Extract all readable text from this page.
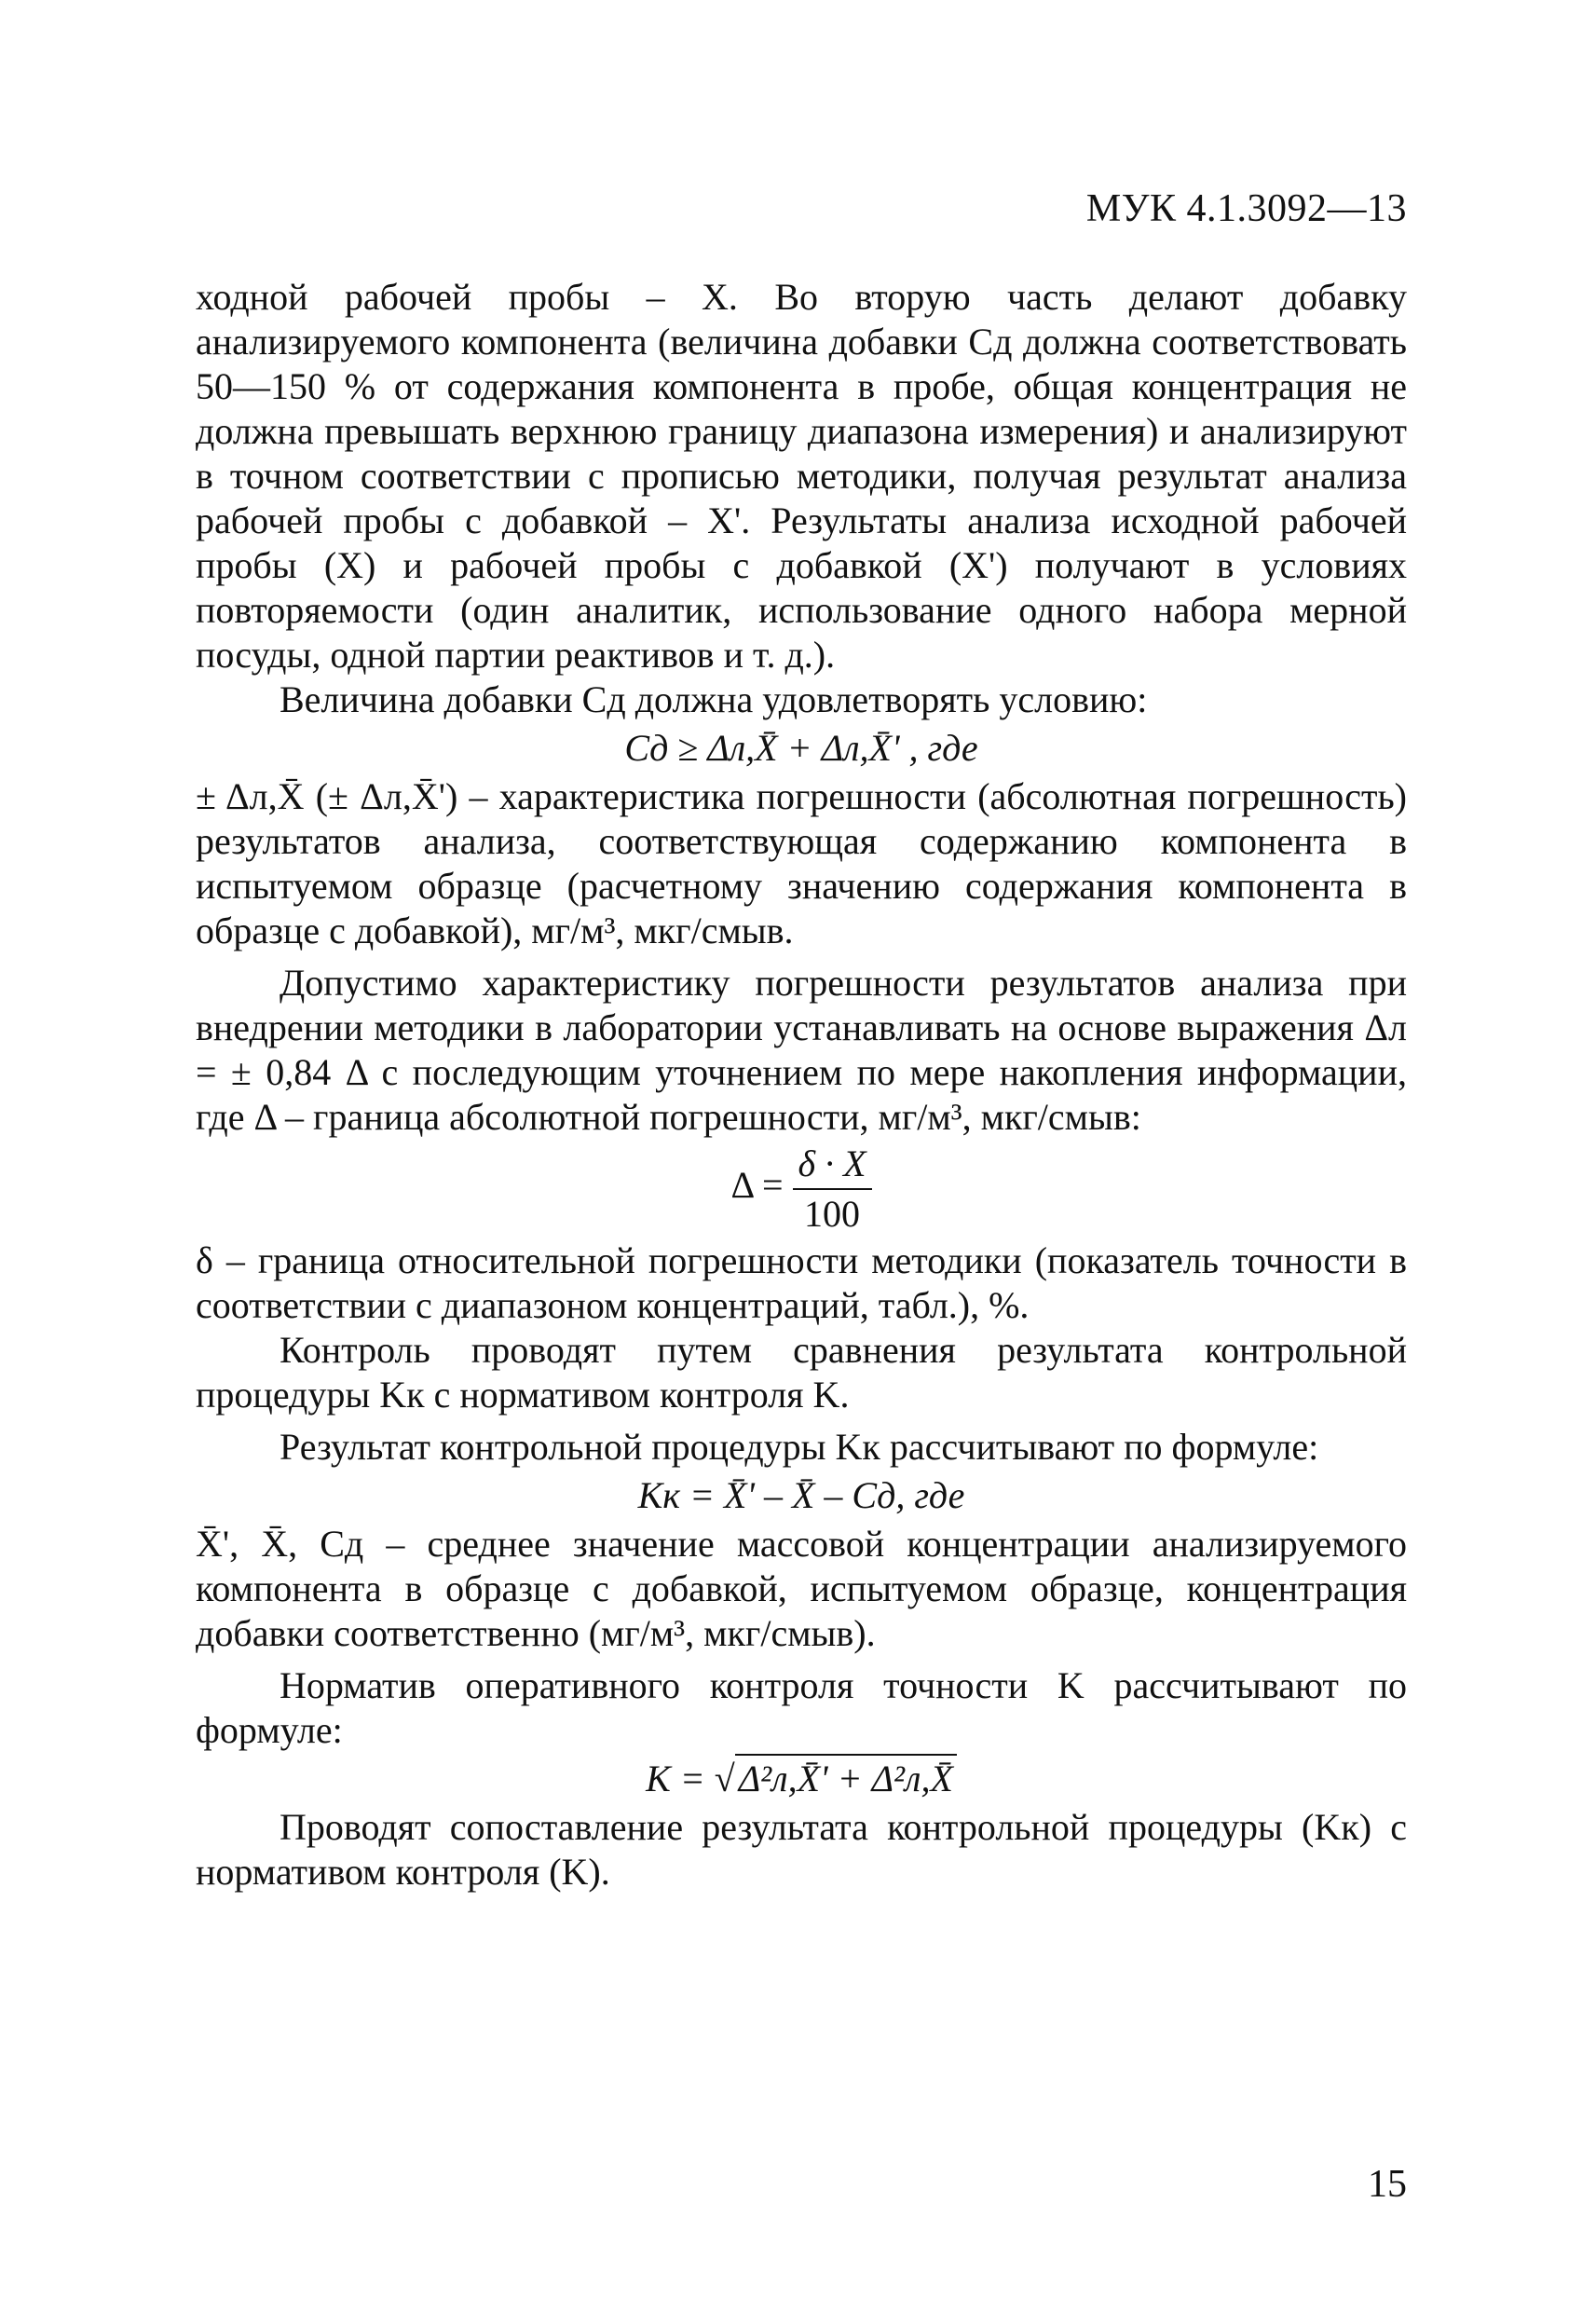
МУК 4.1.3092—13

ходной рабочей пробы – X. Во вторую часть делают добавку анализируемого компонента (величина добавки Cд должна соответствовать 50—150 % от содержания компонента в пробе, общая концентрация не должна превышать верхнюю границу диапазона измерения) и анализируют в точном соответствии с прописью методики, получая результат анализа рабочей пробы с добавкой – X'. Результаты анализа исходной рабочей пробы (X) и рабочей пробы с добавкой (X') получают в условиях повторяемости (один аналитик, использование одного набора мерной посуды, одной партии реактивов и т. д.).

Величина добавки Cд должна удовлетворять условию:

Cд ≥ Δл,X̄ + Δл,X̄' , где

± Δл,X̄ (± Δл,X̄') – характеристика погрешности (абсолютная погрешность) результатов анализа, соответствующая содержанию компонента в испытуемом образце (расчетному значению содержания компонента в образце с добавкой), мг/м³, мкг/смыв.

Допустимо характеристику погрешности результатов анализа при внедрении методики в лаборатории устанавливать на основе выражения Δл = ± 0,84 Δ с последующим уточнением по мере накопления информации, где Δ – граница абсолютной погрешности, мг/м³, мкг/смыв:

$\Delta = \frac{\delta \cdot X}{100}$

δ – граница относительной погрешности методики (показатель точности в соответствии с диапазоном концентраций, табл.), %.

Контроль проводят путем сравнения результата контрольной процедуры Kк с нормативом контроля K.

Результат контрольной процедуры Kк рассчитывают по формуле:

Kк = X̄' – X̄ – Cд, где

X̄', X̄, Cд – среднее значение массовой концентрации анализируемого компонента в образце с добавкой, испытуемом образце, концентрация добавки соответственно (мг/м³, мкг/смыв).

Норматив оперативного контроля точности K рассчитывают по формуле:

K = √ Δ²л,X̄' + Δ²л,X̄

Проводят сопоставление результата контрольной процедуры (Kк) с нормативом контроля (K).

15
